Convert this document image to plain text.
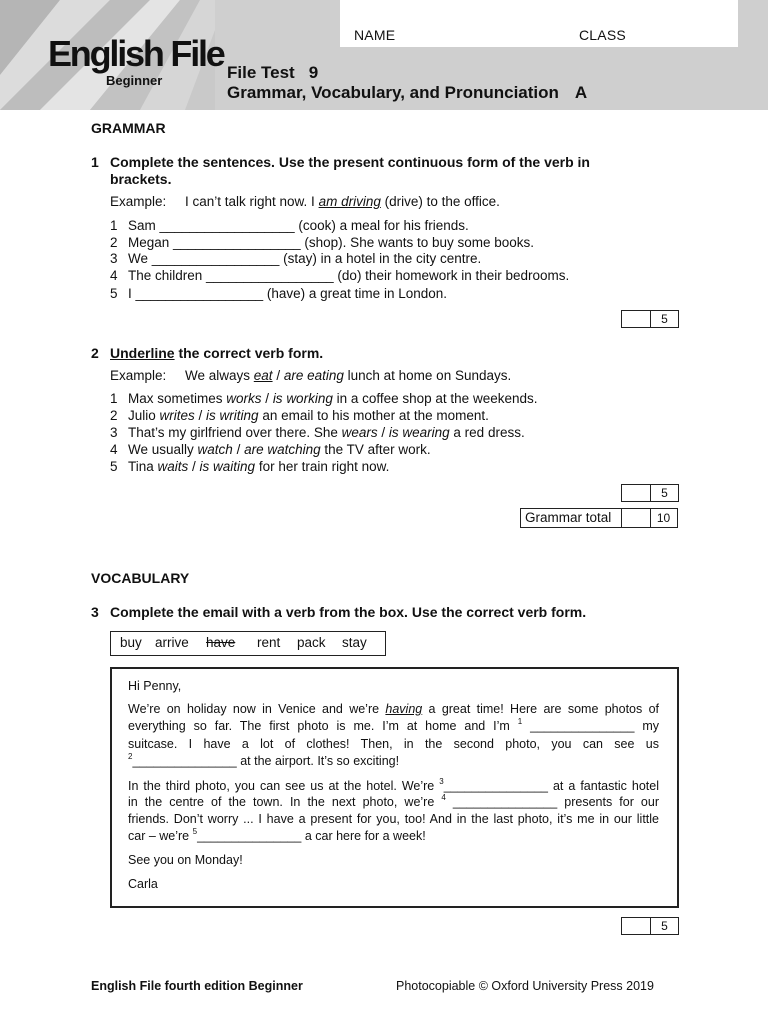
English File
Beginner
NAME	CLASS
File Test 9
Grammar, Vocabulary, and Pronunciation A
GRAMMAR
1 Complete the sentences. Use the present continuous form of the verb in
brackets.
Example: I can’t talk right now. I am driving (drive) to the office.
1 Sam __________________ (cook) a meal for his friends.
2 Megan _________________ (shop). She wants to buy some books.
3 We _________________ (stay) in a hotel in the city centre.
4 The children _________________ (do) their homework in their bedrooms.
5 I _________________ (have) a great time in London.
5
2 Underline the correct verb form.
Example: We always eat / are eating lunch at home on Sundays.
1 Max sometimes works / is working in a coffee shop at the weekends.
2 Julio writes / is writing an email to his mother at the moment.
3 That’s my girlfriend over there. She wears / is wearing a red dress.
4 We usually watch / are watching the TV after work.
5 Tina waits / is waiting for her train right now.
5
Grammar total	10
VOCABULARY
3 Complete the email with a verb from the box. Use the correct verb form.
buy arrive have rent pack stay
Hi Penny,
We’re on holiday now in Venice and we’re having a great time! Here are some photos of
everything so far. The first photo is me. I’m at home and I’m $^1$ _______________ my
suitcase. I have a lot of clothes! Then, in the second photo, you can see us
$^2$_______________ at the airport. It’s so exciting!
In the third photo, you can see us at the hotel. We’re $^3$_______________ at a fantastic hotel
in the centre of the town. In the next photo, we’re $^4$ _______________ presents for our
friends. Don’t worry ... I have a present for you, too! And in the last photo, it’s me in our little
car – we’re $^5$_______________ a car here for a week!
See you on Monday!
Carla
5
English File fourth edition Beginner	Photocopiable © Oxford University Press 2019
